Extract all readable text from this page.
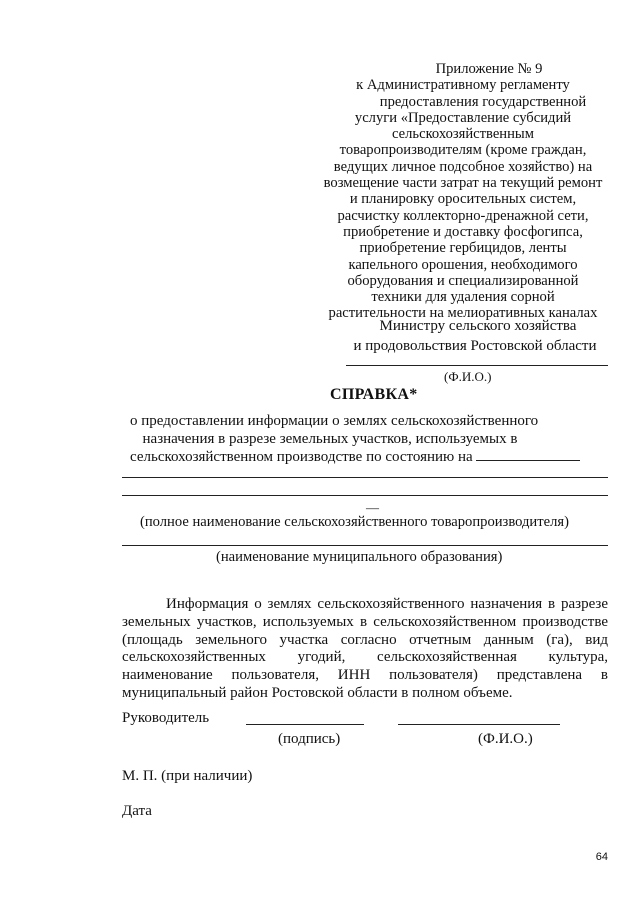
Приложение № 9
к Административному регламенту
предоставления государственной
услуги «Предоставление субсидий
сельскохозяйственным
товаропроизводителям (кроме граждан,
ведущих личное подсобное хозяйство) на
возмещение части затрат на текущий ремонт
и планировку оросительных систем,
расчистку коллекторно-дренажной сети,
приобретение и доставку фосфогипса,
приобретение гербицидов, ленты
капельного орошения, необходимого
оборудования и специализированной
техники для удаления сорной
растительности на мелиоративных каналах
Министру сельского хозяйства
и продовольствия Ростовской области
(Ф.И.О.)
СПРАВКА*
о предоставлении информации о землях сельскохозяйственного
назначения в разрезе земельных участков, используемых в
сельскохозяйственном производстве по состоянию на
—
(полное наименование сельскохозяйственного товаропроизводителя)
(наименование муниципального образования)
Информация о землях сельскохозяйственного назначения в разрезе
земельных участков, используемых в сельскохозяйственном производстве
(площадь земельного участка согласно отчетным данным (га), вид
сельскохозяйственных угодий, сельскохозяйственная культура,
наименование пользователя, ИНН пользователя) представлена в
муниципальный район Ростовской области в полном объеме.
Руководитель
(подпись)	(Ф.И.О.)
М. П. (при наличии)
Дата
64
